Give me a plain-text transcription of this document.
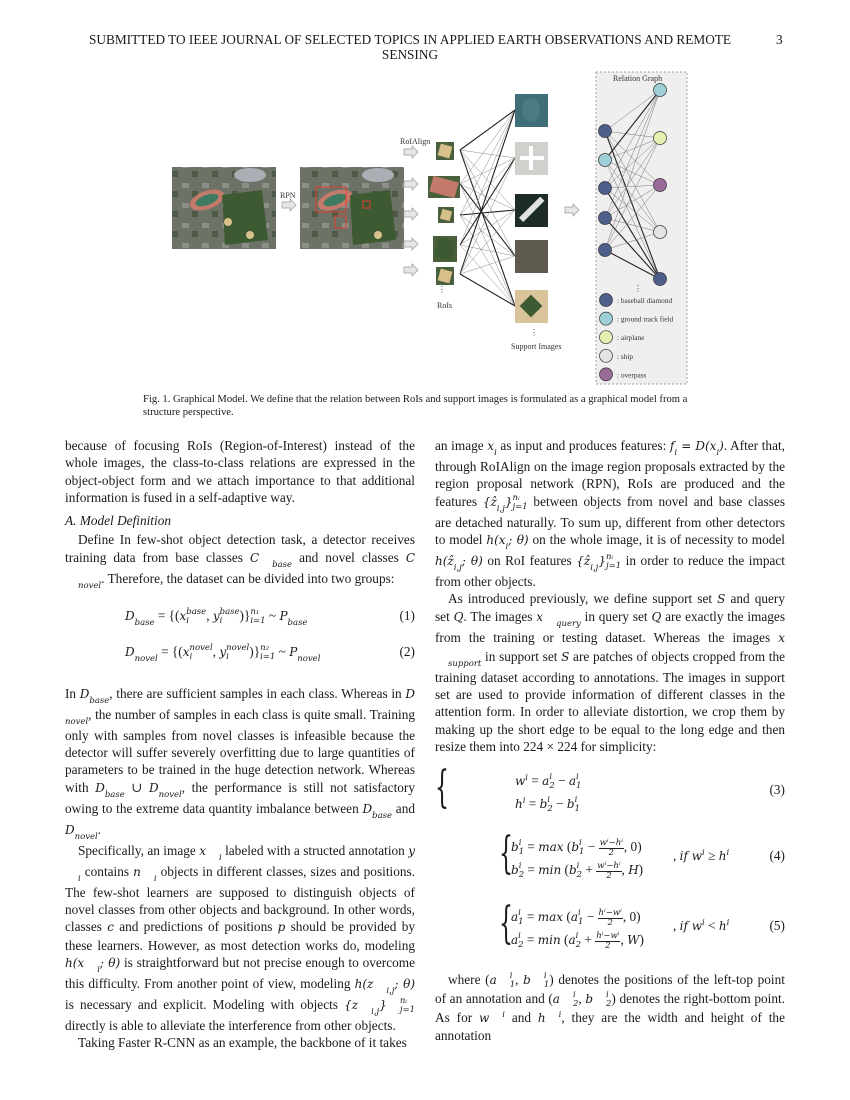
SUBMITTED TO IEEE JOURNAL OF SELECTED TOPICS IN APPLIED EARTH OBSERVATIONS AND REMOTE SENSING
3
RPN
RoIAlign
⋮
RoIs
⋮
Support Images
Relation Graph
⋮
: baseball diamond
: ground track field
: airplane
: ship
: overpass
Fig. 1. Graphical Model. We define that the relation between RoIs and support images is formulated as a graphical model from a structure perspective.

because of focusing RoIs (Region-of-Interest) instead of the whole images, the class-to-class relations are expressed in the object-object form and we attach importance to that additional information is fused in a self-adaptive way.

A. Model Definition

Define In few-shot object detection task, a detector receives training data from base classes C	base and novel classes C
novel . Therefore, the dataset can be divided into two groups:

D base = {(x base
i	, y base
i	)} n₁
i=1 ~ P base	(1)
D novel = {(x novel
i	, y novel
i	)} n₂
i=1 ~ P novel	(2)

In D base , there are sufficient samples in each class. Whereas in D
novel , the number of samples in each class is quite small. Training only with samples from novel classes is infeasible because the detector will suffer severely overfitting due to large quantities of parameters to be trained in the huge detection network. Whereas with D base ∪ D novel , the performance is still not satisfactory owing to the extreme data quantity imbalance between D base and D novel .

Specifically, an image x	i labeled with a structed annotation y
i contains n	i objects in different classes, sizes and positions. The few-shot learners are supposed to distinguish objects of novel classes from other objects and background. In other words, classes c and predictions of positions p should be provided by these learners. However, as most detection works do, modeling h(x	i ; θ) is straightforward but not precise enough to overcome this difficulty. From another point of view, modeling h(z	i,j ; θ) is necessary and explicit. Modeling with objects {z	i,j }	nᵢ
j=1
directly is able to alleviate the interference from other objects.

Taking Faster R-CNN as an example, the backbone of it takes

an image x i as input and produces features: f i = D(x i ). After that, through RoIAlign on the image region proposals extracted by the region proposal network (RPN), RoIs are produced and the features {ẑ i,j } nᵢ
j=1 between objects from novel and base classes are detached naturally. To sum up, different from other detectors to model h(x i ; θ) on the whole image, it is of necessity to model h(ẑ i,j ; θ) on RoI features {ẑ i,j } nᵢ
j=1 in order to reduce the impact from other objects.

As introduced previously, we define support set S and query set Q. The images x	query in query set Q are exactly the images from the training or testing dataset. Whereas the images x
support in support set S are patches of objects cropped from the training dataset according to annotations. The images in support set are used to provide information of different classes in the attention form. In order to alleviate distortion, we crop them by making up the short edge to be equal to the long edge and then resize them into 224 × 224 for simplicity:

{	w i = a i
2 − a i
1
h i = b i
2 − b i
1
(3)
{
b i
1 = max (b i
$1 - \frac{\text{wⁱ−hⁱ}}{2}$ , 0)
b i
2 = min (b i
$2 + \frac{\text{wⁱ−hⁱ}}{2}$ , H)
, if w i ≥ h i	(4)
{
a i
1 = max (a i
$1 - \frac{\text{hⁱ−wⁱ}}{2}$ , 0)
a i
2 = min (a i
$2 + \frac{\text{hⁱ−wⁱ}}{2}$ , W)
, if w i < h i	(5)

where (a	i
1 , b	i
1 ) denotes the positions of the left-top point of an annotation and (a	i
2 , b	i
2 ) denotes the right-bottom point. As for w	i and h	i , they are the width and height of the annotation
